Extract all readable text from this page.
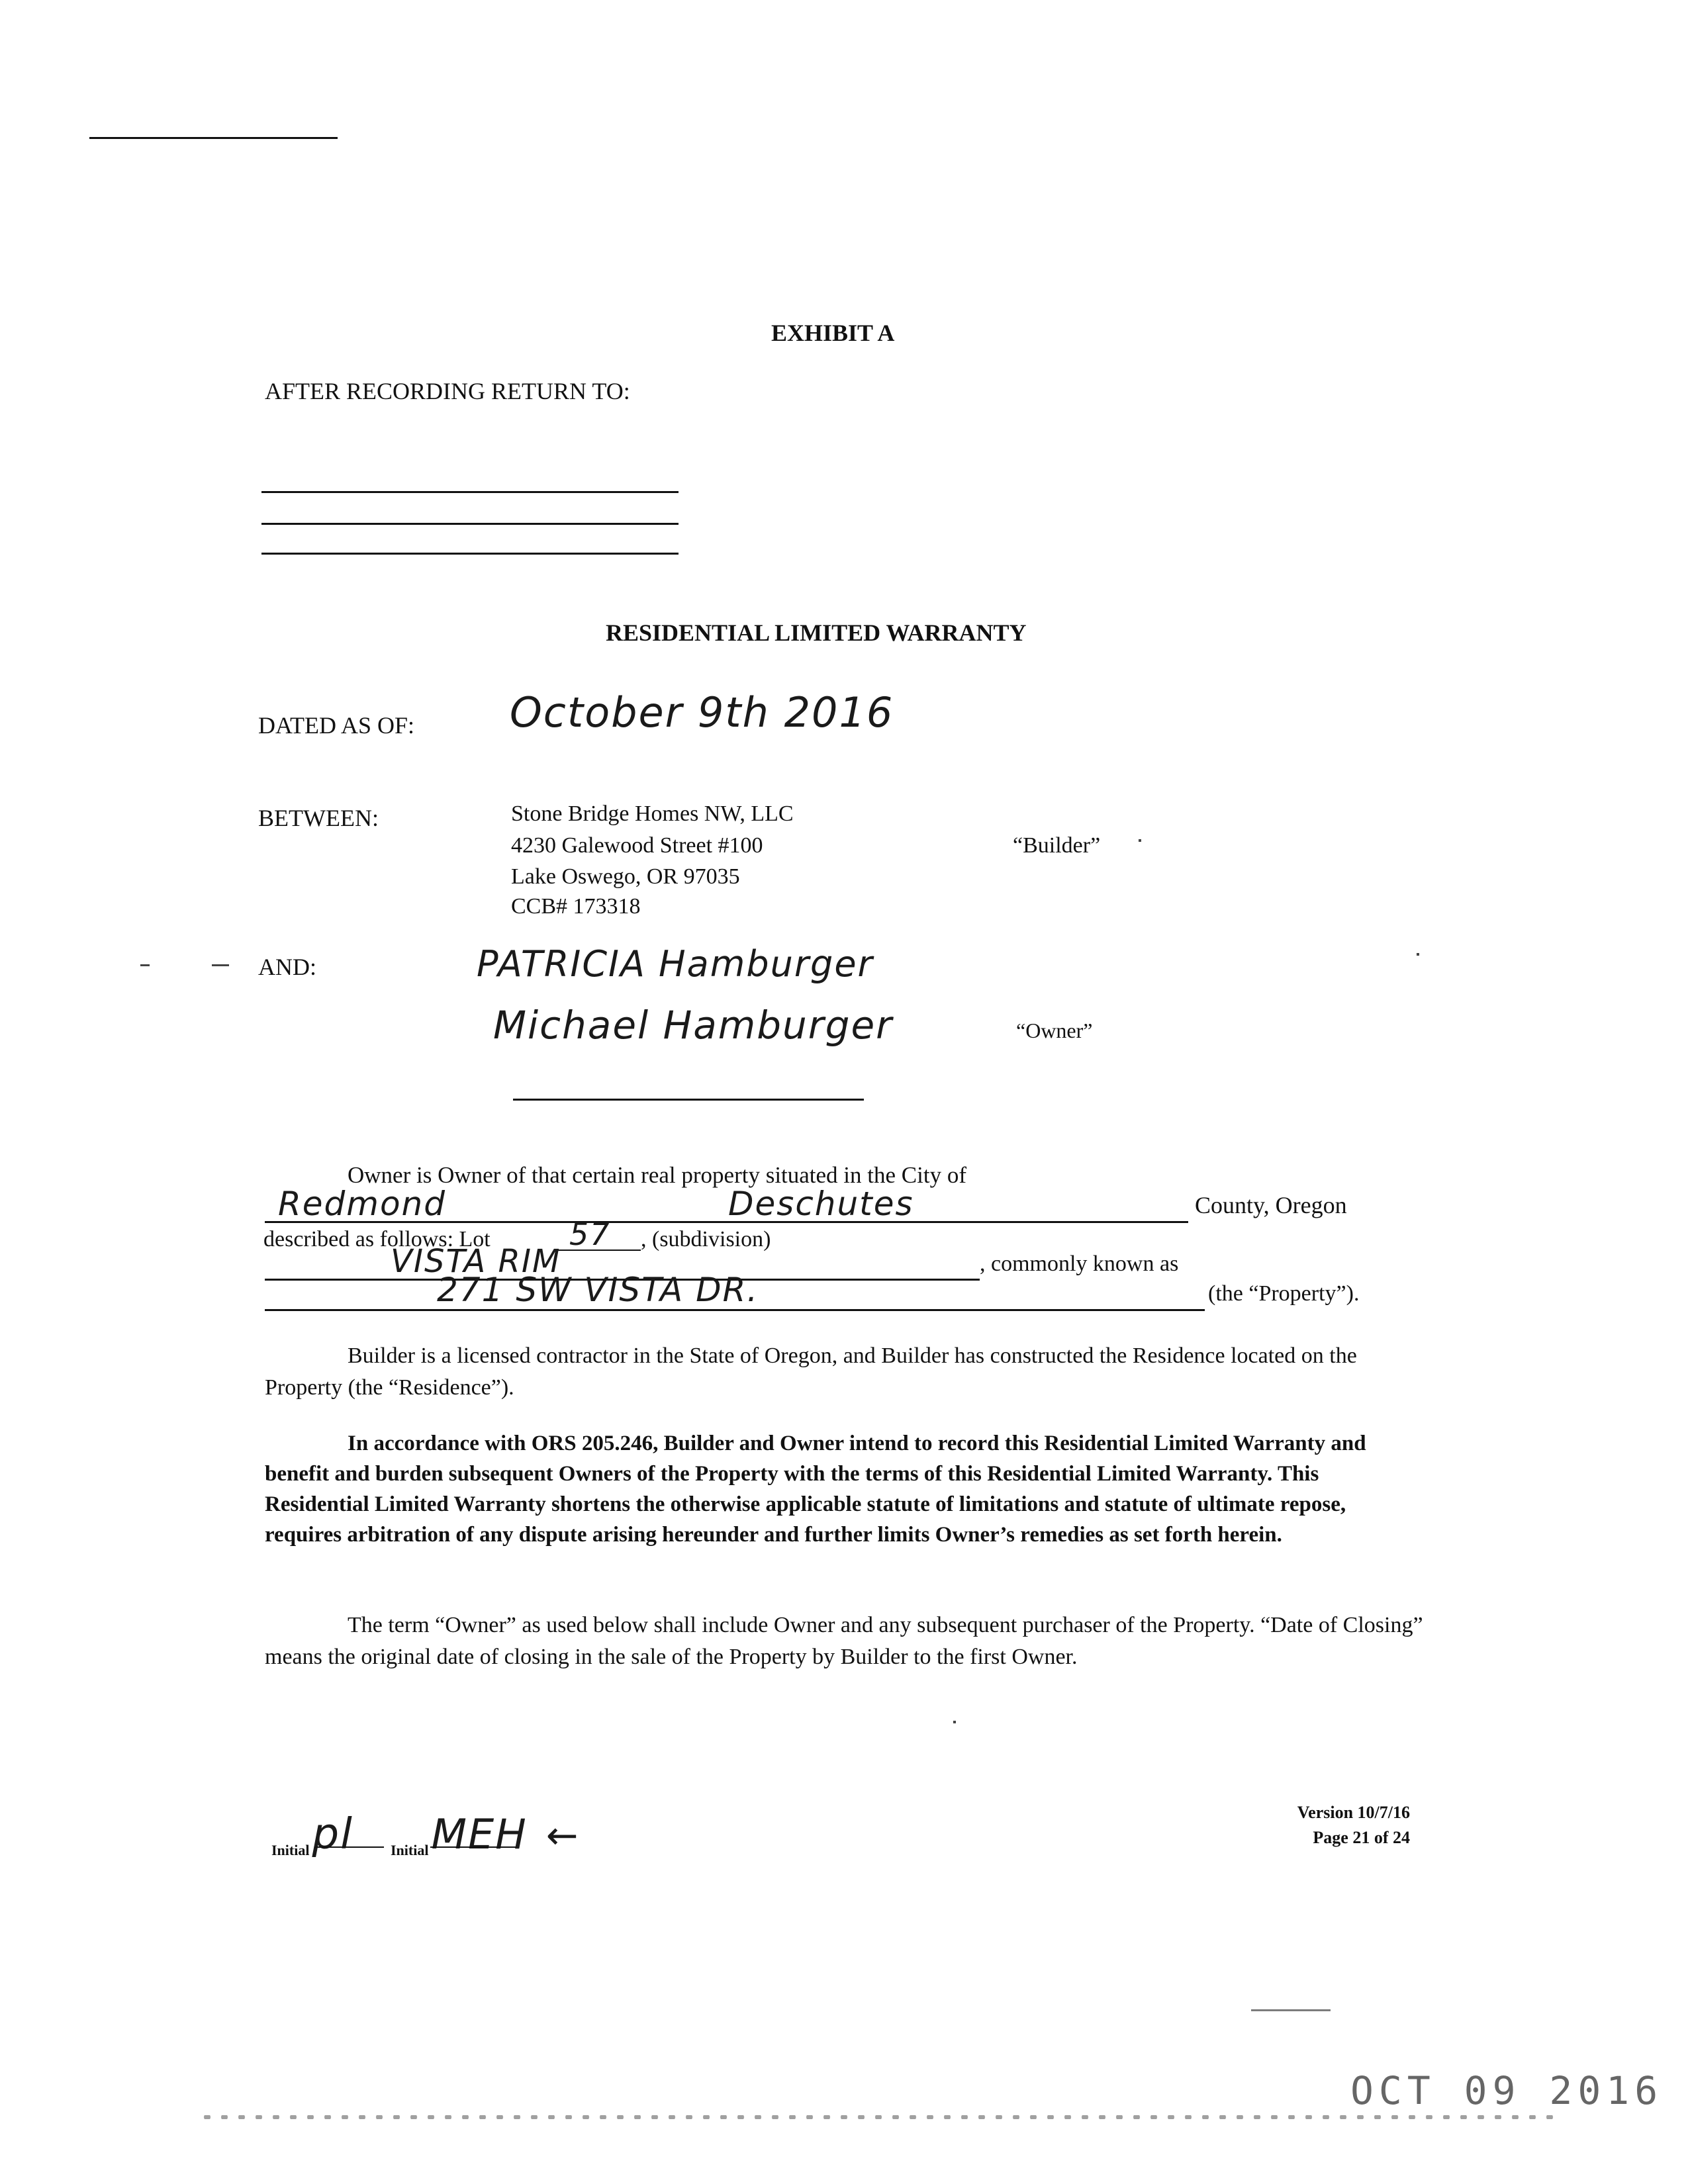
EXHIBIT A
AFTER RECORDING RETURN TO:
RESIDENTIAL LIMITED WARRANTY
DATED AS OF: October 9th 2016
BETWEEN:	Stone Bridge Homes NW, LLC
4230 Galewood Street #100
Lake Oswego, OR 97035
CCB# 173318
“Builder”
AND:	PATRICIA Hamburger
Michael Hamburger	“Owner”
Owner is Owner of that certain real property situated in the City of
Redmond	Deschutes	County, Oregon
described as follows: Lot	57 , (subdivision)
VISTA RIM	, commonly known as
271 SW VISTA DR.	(the “Property”).
Builder is a licensed contractor in the State of Oregon, and Builder has constructed the Residence located on the Property (the “Residence”).
In accordance with ORS 205.246, Builder and Owner intend to record this Residential Limited Warranty and benefit and burden subsequent Owners of the Property with the terms of this Residential Limited Warranty. This Residential Limited Warranty shortens the otherwise applicable statute of limitations and statute of ultimate repose, requires arbitration of any dispute arising hereunder and further limits Owner’s remedies as set forth herein.
The term “Owner” as used below shall include Owner and any subsequent purchaser of the Property. “Date of Closing” means the original date of closing in the sale of the Property by Builder to the first Owner.
Initial pl	Initial MEH ←
Version 10/7/16
Page 21 of 24
OCT 09 2016
